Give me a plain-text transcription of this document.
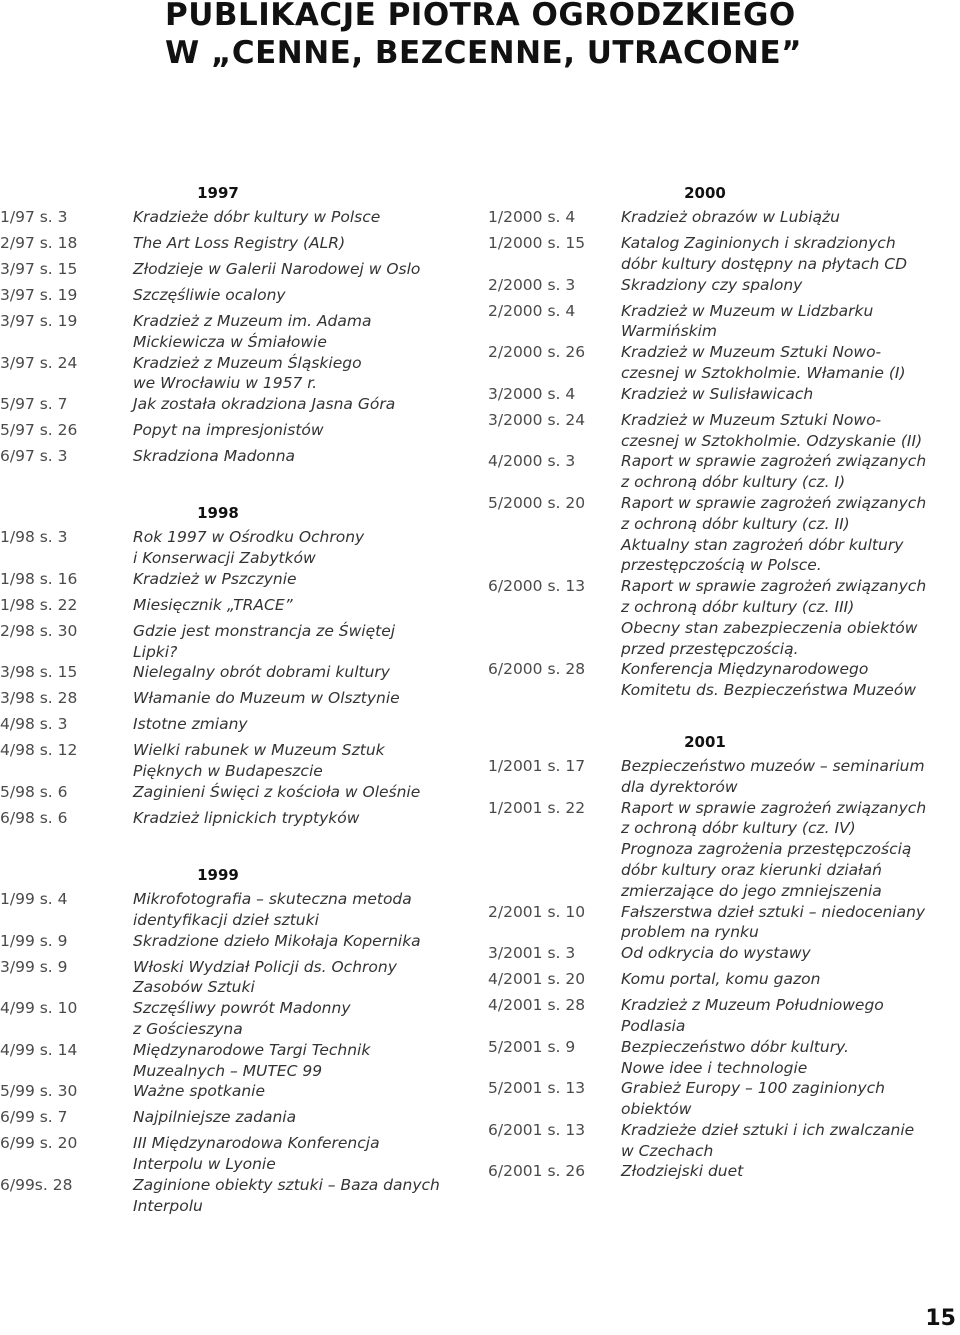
PUBLIKACJE PIOTRA OGRODZKIEGO
W „CENNE, BEZCENNE, UTRACONE”
1997
1/97 s. 3	Kradzieże dóbr kultury w Polsce
2/97 s. 18	The Art Loss Registry (ALR)
3/97 s. 15	Złodzieje w Galerii Narodowej w Oslo
3/97 s. 19	Szczęśliwie ocalony
3/97 s. 19	Kradzież z Muzeum im. Adama
Mickiewicza w Śmiałowie
3/97 s. 24	Kradzież z Muzeum Śląskiego
we Wrocławiu w 1957 r.
5/97 s. 7	Jak została okradziona Jasna Góra
5/97 s. 26	Popyt na impresjonistów
6/97 s. 3	Skradziona Madonna
1998
1/98 s. 3	Rok 1997 w Ośrodku Ochrony
i Konserwacji Zabytków
1/98 s. 16	Kradzież w Pszczynie
1/98 s. 22	Miesięcznik „TRACE”
2/98 s. 30	Gdzie jest monstrancja ze Świętej
Lipki?
3/98 s. 15	Nielegalny obrót dobrami kultury
3/98 s. 28	Włamanie do Muzeum w Olsztynie
4/98 s. 3	Istotne zmiany
4/98 s. 12	Wielki rabunek w Muzeum Sztuk
Pięknych w Budapeszcie
5/98 s. 6	Zaginieni Święci z kościoła w Oleśnie
6/98 s. 6	Kradzież lipnickich tryptyków
1999
1/99 s. 4	Mikrofotografia – skuteczna metoda
identyfikacji dzieł sztuki
1/99 s. 9	Skradzione dzieło Mikołaja Kopernika
3/99 s. 9	Włoski Wydział Policji ds. Ochrony
Zasobów Sztuki
4/99 s. 10	Szczęśliwy powrót Madonny
z Gościeszyna
4/99 s. 14	Międzynarodowe Targi Technik
Muzealnych – MUTEC 99
5/99 s. 30	Ważne spotkanie
6/99 s. 7	Najpilniejsze zadania
6/99 s. 20	III Międzynarodowa Konferencja
Interpolu w Lyonie
6/99s. 28	Zaginione obiekty sztuki – Baza danych
Interpolu
2000
1/2000 s. 4	Kradzież obrazów w Lubiążu
1/2000 s. 15	Katalog Zaginionych i skradzionych
dóbr kultury dostępny na płytach CD
2/2000 s. 3	Skradziony czy spalony
2/2000 s. 4	Kradzież w Muzeum w Lidzbarku
Warmińskim
2/2000 s. 26	Kradzież w Muzeum Sztuki Nowo-
czesnej w Sztokholmie. Włamanie (I)
3/2000 s. 4	Kradzież w Sulisławicach
3/2000 s. 24	Kradzież w Muzeum Sztuki Nowo-
czesnej w Sztokholmie. Odzyskanie (II)
4/2000 s. 3	Raport w sprawie zagrożeń związanych
z ochroną dóbr kultury (cz. I)
5/2000 s. 20	Raport w sprawie zagrożeń związanych
z ochroną dóbr kultury (cz. II)
Aktualny stan zagrożeń dóbr kultury
przestępczością w Polsce.
6/2000 s. 13	Raport w sprawie zagrożeń związanych
z ochroną dóbr kultury (cz. III)
Obecny stan zabezpieczenia obiektów
przed przestępczością.
6/2000 s. 28	Konferencja Międzynarodowego
Komitetu ds. Bezpieczeństwa Muzeów
2001
1/2001 s. 17	Bezpieczeństwo muzeów – seminarium
dla dyrektorów
1/2001 s. 22	Raport w sprawie zagrożeń związanych
z ochroną dóbr kultury (cz. IV)
Prognoza zagrożenia przestępczością
dóbr kultury oraz kierunki działań
zmierzające do jego zmniejszenia
2/2001 s. 10	Fałszerstwa dzieł sztuki – niedoceniany
problem na rynku
3/2001 s. 3	Od odkrycia do wystawy
4/2001 s. 20	Komu portal, komu gazon
4/2001 s. 28	Kradzież z Muzeum Południowego
Podlasia
5/2001 s. 9	Bezpieczeństwo dóbr kultury.
Nowe idee i technologie
5/2001 s. 13	Grabież Europy – 100 zaginionych
obiektów
6/2001 s. 13	Kradzieże dzieł sztuki i ich zwalczanie
w Czechach
6/2001 s. 26	Złodziejski duet
15
